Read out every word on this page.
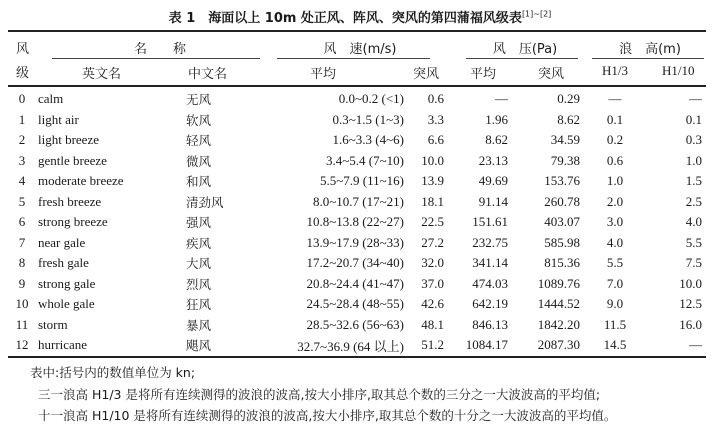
表 1　海面以上 10m 处正风、阵风、突风的第四蒲福风级表[1]~[2]
风
级
名　　称
英文名	中文名
风　速(m/s)
平均	突风
风　压(Pa)
平均	突风
浪　高(m)
H1/3	H1/10
0	calm	无风	0.0~0.2 (<1)	0.6	—	0.29	—	—
1	light air	软风	0.3~1.5 (1~3)	3.3	1.96	8.62	0.1	0.1
2	light breeze	轻风	1.6~3.3 (4~6)	6.6	8.62	34.59	0.2	0.3
3	gentle breeze	微风	3.4~5.4 (7~10)	10.0	23.13	79.38	0.6	1.0
4	moderate breeze	和风	5.5~7.9 (11~16)	13.9	49.69	153.76	1.0	1.5
5	fresh breeze	清劲风	8.0~10.7 (17~21)	18.1	91.14	260.78	2.0	2.5
6	strong breeze	强风	10.8~13.8 (22~27)	22.5	151.61	403.07	3.0	4.0
7	near gale	疾风	13.9~17.9 (28~33)	27.2	232.75	585.98	4.0	5.5
8	fresh gale	大风	17.2~20.7 (34~40)	32.0	341.14	815.36	5.5	7.5
9	strong gale	烈风	20.8~24.4 (41~47)	37.0	474.03	1089.76	7.0	10.0
10	whole gale	狂风	24.5~28.4 (48~55)	42.6	642.19	1444.52	9.0	12.5
11	storm	暴风	28.5~32.6 (56~63)	48.1	846.13	1842.20	11.5	16.0
12	hurricane	飓风	32.7~36.9 (64 以上)	51.2	1084.17	2087.30	14.5	—
表中:括号内的数值单位为 kn;
三一浪高 H1/3 是将所有连续测得的波浪的波高,按大小排序,取其总个数的三分之一大波波高的平均值;
十一浪高 H1/10 是将所有连续测得的波浪的波高,按大小排序,取其总个数的十分之一大波波高的平均值。
